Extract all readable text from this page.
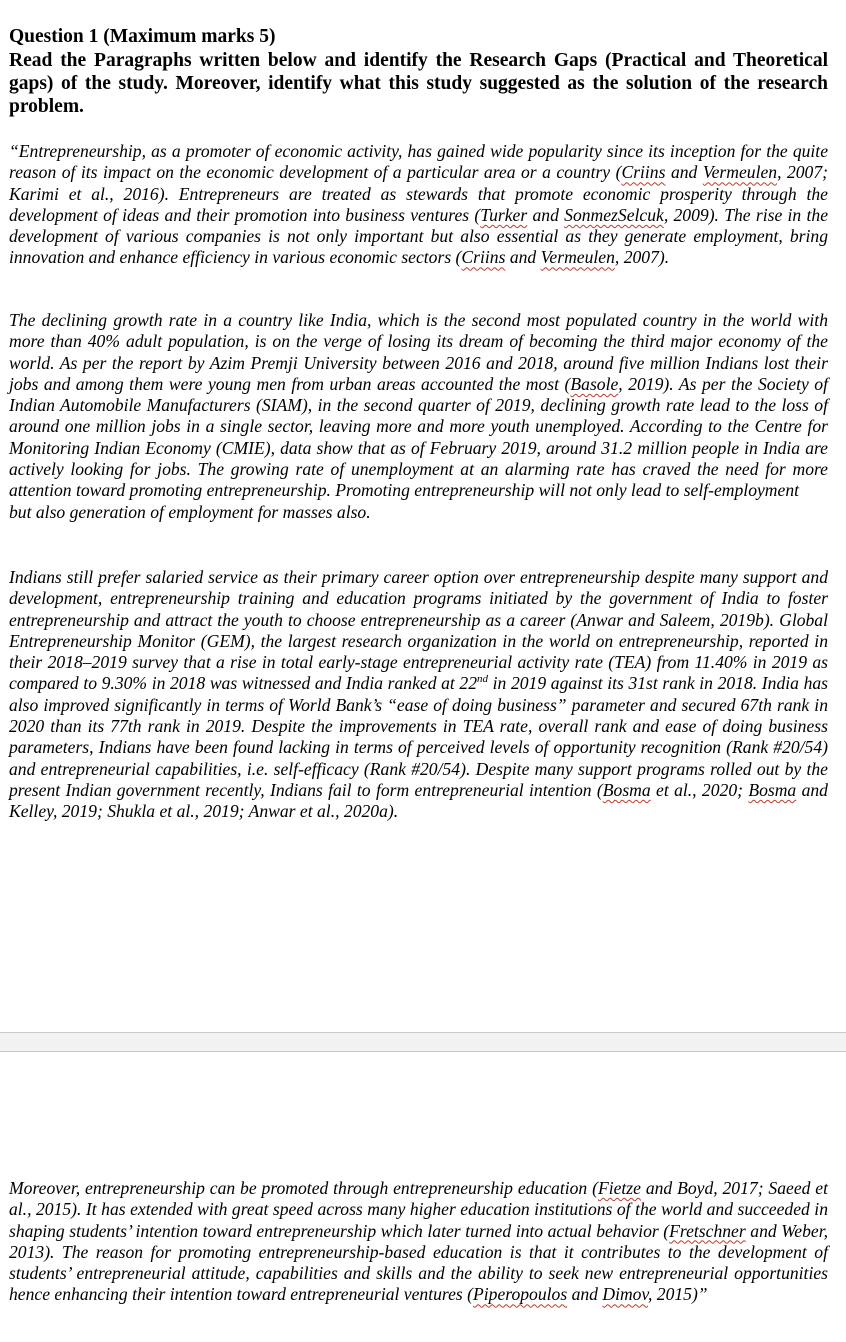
Question 1 (Maximum marks 5)

Read the Paragraphs written below and identify the Research Gaps (Practical and Theoretical gaps) of the study. Moreover, identify what this study suggested as the solution of the research problem.

“Entrepreneurship, as a promoter of economic activity, has gained wide popularity since its inception for the quite reason of its impact on the economic development of a particular area or a country (Criins and Vermeulen, 2007; Karimi et al., 2016). Entrepreneurs are treated as stewards that promote economic prosperity through the development of ideas and their promotion into business ventures (Turker and SonmezSelcuk, 2009). The rise in the development of various companies is not only important but also essential as they generate employment, bring innovation and enhance efficiency in various economic sectors (Criins and Vermeulen, 2007).

The declining growth rate in a country like India, which is the second most populated country in the world with more than 40% adult population, is on the verge of losing its dream of becoming the third major economy of the world. As per the report by Azim Premji University between 2016 and 2018, around five million Indians lost their jobs and among them were young men from urban areas accounted the most (Basole, 2019). As per the Society of Indian Automobile Manufacturers (SIAM), in the second quarter of 2019, declining growth rate lead to the loss of around one million jobs in a single sector, leaving more and more youth unemployed. According to the Centre for Monitoring Indian Economy (CMIE), data show that as of February 2019, around 31.2 million people in India are actively looking for jobs. The growing rate of unemployment at an alarming rate has craved the need for more attention toward promoting entrepreneurship. Promoting entrepreneurship will not only lead to self-employment
but also generation of employment for masses also.

Indians still prefer salaried service as their primary career option over entrepreneurship despite many support and development, entrepreneurship training and education programs initiated by the government of India to foster entrepreneurship and attract the youth to choose entrepreneurship as a career (Anwar and Saleem, 2019b). Global Entrepreneurship Monitor (GEM), the largest research organization in the world on entrepreneurship, reported in their 2018–2019 survey that a rise in total early-stage entrepreneurial activity rate (TEA) from 11.40% in 2019 as compared to 9.30% in 2018 was witnessed and India ranked at 22nd in 2019 against its 31st rank in 2018. India has also improved significantly in terms of World Bank’s “ease of doing business” parameter and secured 67th rank in 2020 than its 77th rank in 2019. Despite the improvements in TEA rate, overall rank and ease of doing business parameters, Indians have been found lacking in terms of perceived levels of opportunity recognition (Rank #20/54) and entrepreneurial capabilities, i.e. self-efficacy (Rank #20/54). Despite many support programs rolled out by the present Indian government recently, Indians fail to form entrepreneurial intention (Bosma et al., 2020; Bosma and Kelley, 2019; Shukla et al., 2019; Anwar et al., 2020a).

Moreover, entrepreneurship can be promoted through entrepreneurship education (Fietze and Boyd, 2017; Saeed et al., 2015). It has extended with great speed across many higher education institutions of the world and succeeded in shaping students’ intention toward entrepreneurship which later turned into actual behavior (Fretschner and Weber, 2013). The reason for promoting entrepreneurship-based education is that it contributes to the development of students’ entrepreneurial attitude, capabilities and skills and the ability to seek new entrepreneurial opportunities hence enhancing their intention toward entrepreneurial ventures (Piperopoulos and Dimov, 2015)”
